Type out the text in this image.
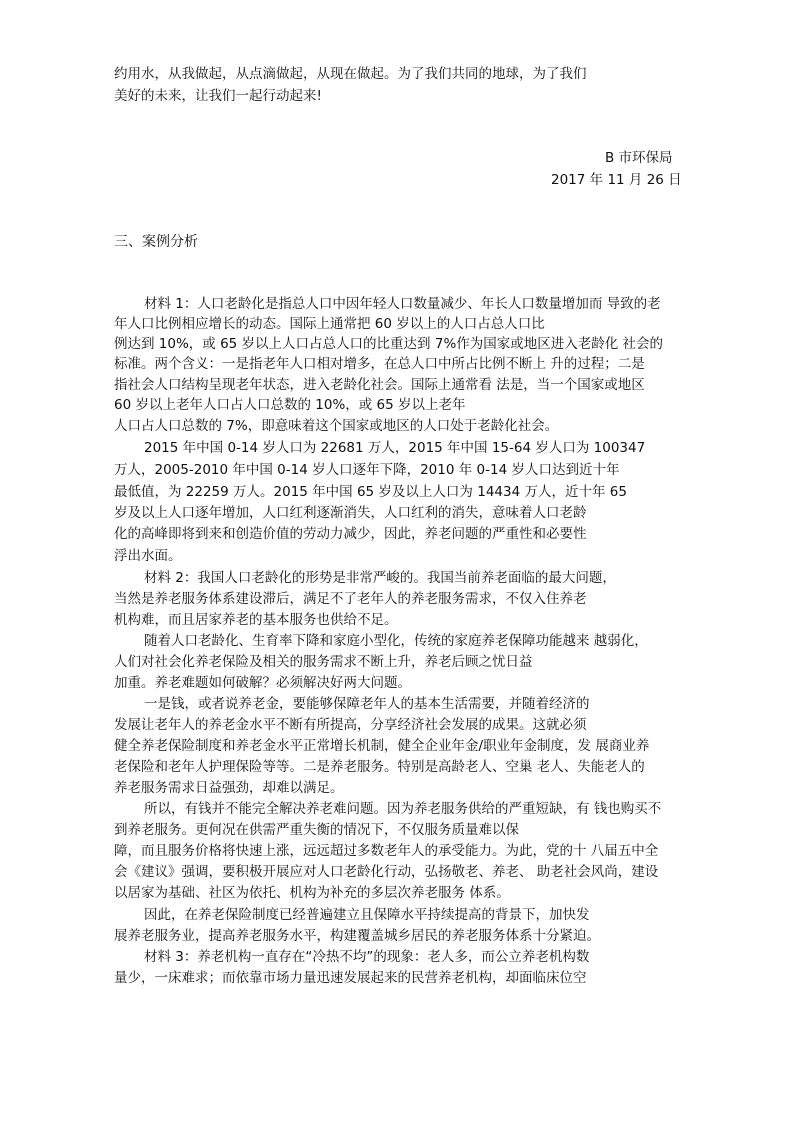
约用水，从我做起，从点滴做起，从现在做起。为了我们共同的地球，为了我们
美好的未来，让我们一起行动起来!
B 市环保局
2017 年 11 月 26 日
三、案例分析
材料 1：人口老龄化是指总人口中因年轻人口数量减少、年长人口数量增加而 导致的老
年人口比例相应增长的动态。国际上通常把 60 岁以上的人口占总人口比
例达到 10%，或 65 岁以上人口占总人口的比重达到 7%作为国家或地区进入老龄化 社会的
标准。两个含义：一是指老年人口相对增多，在总人口中所占比例不断上 升的过程；二是
指社会人口结构呈现老年状态，进入老龄化社会。国际上通常看 法是，当一个国家或地区
60 岁以上老年人口占人口总数的 10%，或 65 岁以上老年
人口占人口总数的 7%，即意味着这个国家或地区的人口处于老龄化社会。
2015 年中国 0-14 岁人口为 22681 万人，2015 年中国 15-64 岁人口为 100347
万人，2005-2010 年中国 0-14 岁人口逐年下降，2010 年 0-14 岁人口达到近十年
最低值，为 22259 万人。2015 年中国 65 岁及以上人口为 14434 万人，近十年 65
岁及以上人口逐年增加，人口红利逐渐消失，人口红利的消失，意味着人口老龄
化的高峰即将到来和创造价值的劳动力减少，因此，养老问题的严重性和必要性
浮出水面。
材料 2：我国人口老龄化的形势是非常严峻的。我国当前养老面临的最大问题，
当然是养老服务体系建设滞后，满足不了老年人的养老服务需求，不仅入住养老
机构难，而且居家养老的基本服务也供给不足。
随着人口老龄化、生育率下降和家庭小型化，传统的家庭养老保障功能越来 越弱化，
人们对社会化养老保险及相关的服务需求不断上升，养老后顾之忧日益
加重。养老难题如何破解？必须解决好两大问题。
一是钱，或者说养老金，要能够保障老年人的基本生活需要，并随着经济的
发展让老年人的养老金水平不断有所提高，分享经济社会发展的成果。这就必须
健全养老保险制度和养老金水平正常增长机制，健全企业年金/职业年金制度，发 展商业养
老保险和老年人护理保险等等。二是养老服务。特别是高龄老人、空巢 老人、失能老人的
养老服务需求日益强劲，却难以满足。
所以，有钱并不能完全解决养老难问题。因为养老服务供给的严重短缺，有 钱也购买不
到养老服务。更何况在供需严重失衡的情况下，不仅服务质量难以保
障，而且服务价格将快速上涨，远远超过多数老年人的承受能力。为此，党的十 八届五中全
会《建议》强调，要积极开展应对人口老龄化行动，弘扬敬老、养老、 助老社会风尚，建设
以居家为基础、社区为依托、机构为补充的多层次养老服务 体系。
因此，在养老保险制度已经普遍建立且保障水平持续提高的背景下，加快发
展养老服务业，提高养老服务水平，构建覆盖城乡居民的养老服务体系十分紧迫。
材料 3：养老机构一直存在“冷热不均”的现象：老人多，而公立养老机构数
量少，一床难求；而依靠市场力量迅速发展起来的民营养老机构，却面临床位空
